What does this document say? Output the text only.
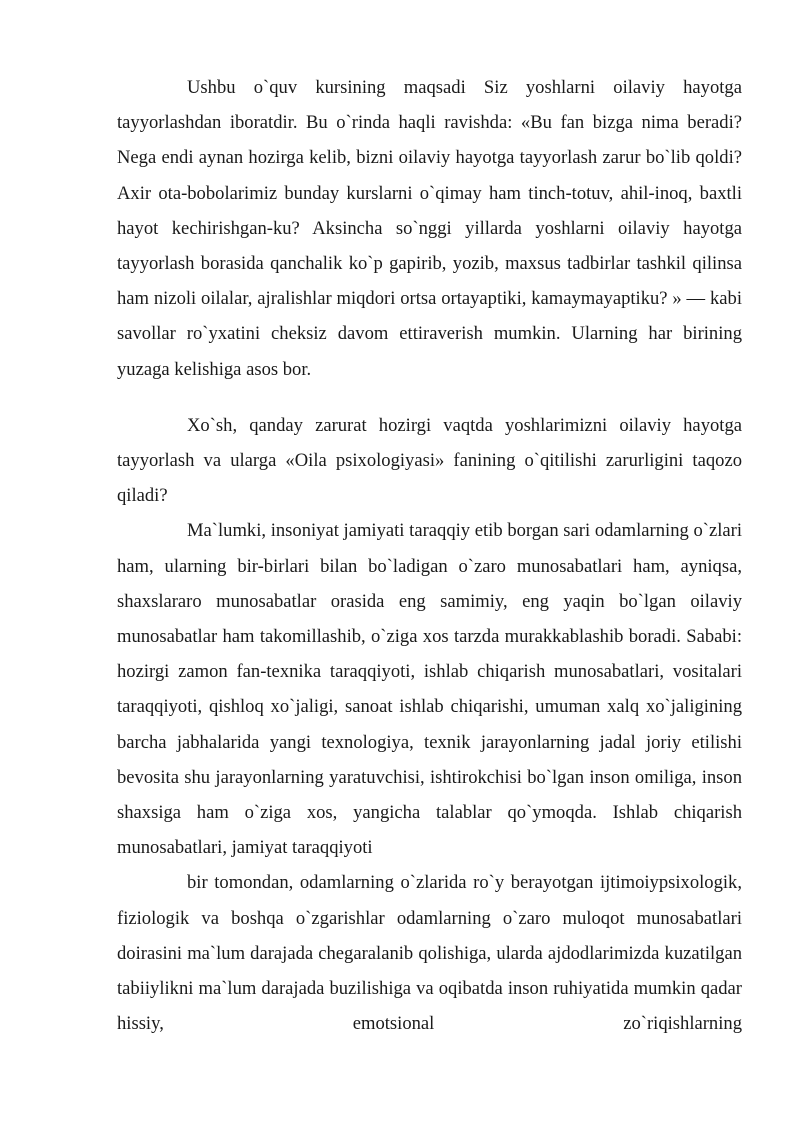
Ushbu o`quv kursining maqsadi Siz yoshlarni oilaviy hayotga tayyorlashdan iboratdir. Bu o`rinda haqli ravishda: «Bu fan bizga nima beradi? Nega endi aynan hozirga kelib, bizni oilaviy hayotga tayyorlash zarur bo`lib qoldi? Axir ota-bobolarimiz bunday kurslarni o`qimay ham tinch-totuv, ahil-inoq, baxtli hayot kechirishgan-ku? Aksincha so`nggi yillarda yoshlarni oilaviy hayotga tayyorlash borasida qanchalik ko`p gapirib, yozib, maxsus tadbirlar tashkil qilinsa ham nizoli oilalar, ajralishlar miqdori ortsa ortayaptiki, kamaymayaptiku? » — kabi savollar ro`yxatini cheksiz davom ettiraverish mumkin. Ularning har birining yuzaga kelishiga asos bor.

Xo`sh, qanday zarurat hozirgi vaqtda yoshlarimizni oilaviy hayotga tayyorlash va ularga «Oila psixologiyasi» fanining o`qitilishi zarurligini taqozo qiladi?

Ma`lumki, insoniyat jamiyati taraqqiy etib borgan sari odamlarning o`zlari ham, ularning bir-birlari bilan bo`ladigan o`zaro munosabatlari ham, ayniqsa, shaxslararo munosabatlar orasida eng samimiy, eng yaqin bo`lgan oilaviy munosabatlar ham takomillashib, o`ziga xos tarzda murakkablashib boradi. Sababi: hozirgi zamon fan-texnika taraqqiyoti, ishlab chiqarish munosabatlari, vositalari taraqqiyoti, qishloq xo`jaligi, sanoat ishlab chiqarishi, umuman xalq xo`jaligining barcha jabhalarida yangi texnologiya, texnik jarayonlarning jadal joriy etilishi bevosita shu jarayonlarning yaratuvchisi, ishtirokchisi bo`lgan inson omiliga, inson shaxsiga ham o`ziga xos, yangicha talablar qo`ymoqda. Ishlab chiqarish munosabatlari, jamiyat taraqqiyoti

bir tomondan, odamlarning o`zlarida ro`y berayotgan ijtimoiypsixologik, fiziologik va boshqa o`zgarishlar odamlarning o`zaro muloqot munosabatlari doirasini ma`lum darajada chegaralanib qolishiga, ularda ajdodlarimizda kuzatilgan tabiiylikni ma`lum darajada buzilishiga va oqibatda inson ruhiyatida mumkin qadar hissiy, emotsional zo`riqishlarning
